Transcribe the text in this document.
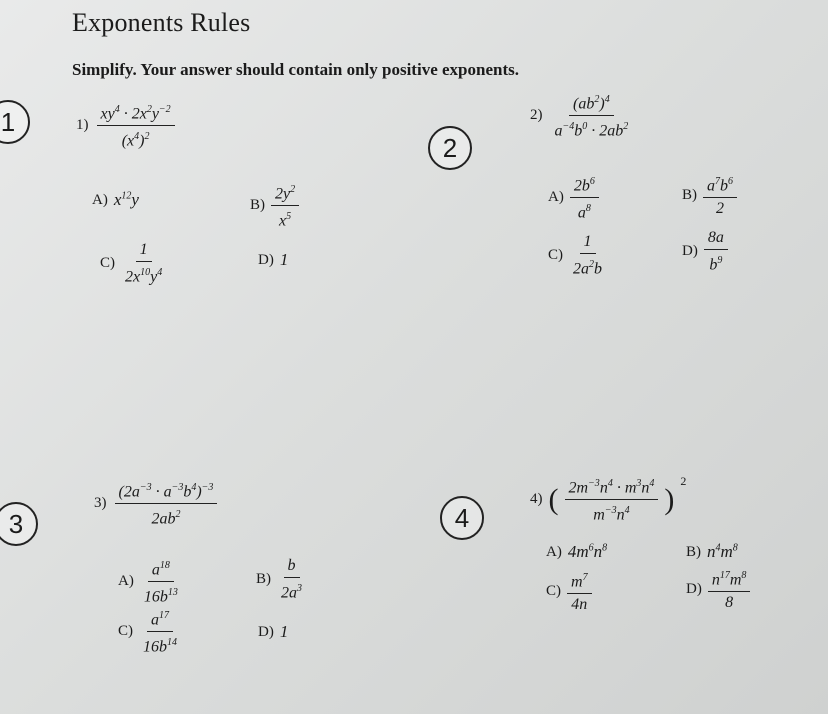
Exponents Rules
Simplify. Your answer should contain only positive exponents.
1
2
3	4
$1) \frac{xy^4 \cdot 2x^2y^{-2}}{(x^4)^2}$
A) $x^{12}y$	$B) \frac{2y^2}{x^5}$
$C) \frac{1}{2x^{10}y^4}$	D) 1
$2) \frac{(ab^2)^4}{a^{-4}b^0 \cdot 2ab^2}$
$A) \frac{2b^6}{a^8}$	$B) \frac{a^7b^6}{2}$
$C) \frac{1}{2a^2b}$	$D) \frac{8a}{b^9}$
$3) \frac{(2a^{-3} \cdot a^{-3}b^4)^{-3}}{2ab^2}$
$A) \frac{a^{18}}{16b^{13}}$	$B) \frac{b}{2a^3}$
$C) \frac{a^{17}}{16b^{14}}$	D) 1
4) ( $\frac{2m^{-3}n^4 \cdot m^3n^4}{m^{-3}n^4}$ )
2
A) $4m^6n^8$	B) $n^4m^8$
$C) \frac{m^7}{4n}$	$D) \frac{n^{17}m^8}{8}$
